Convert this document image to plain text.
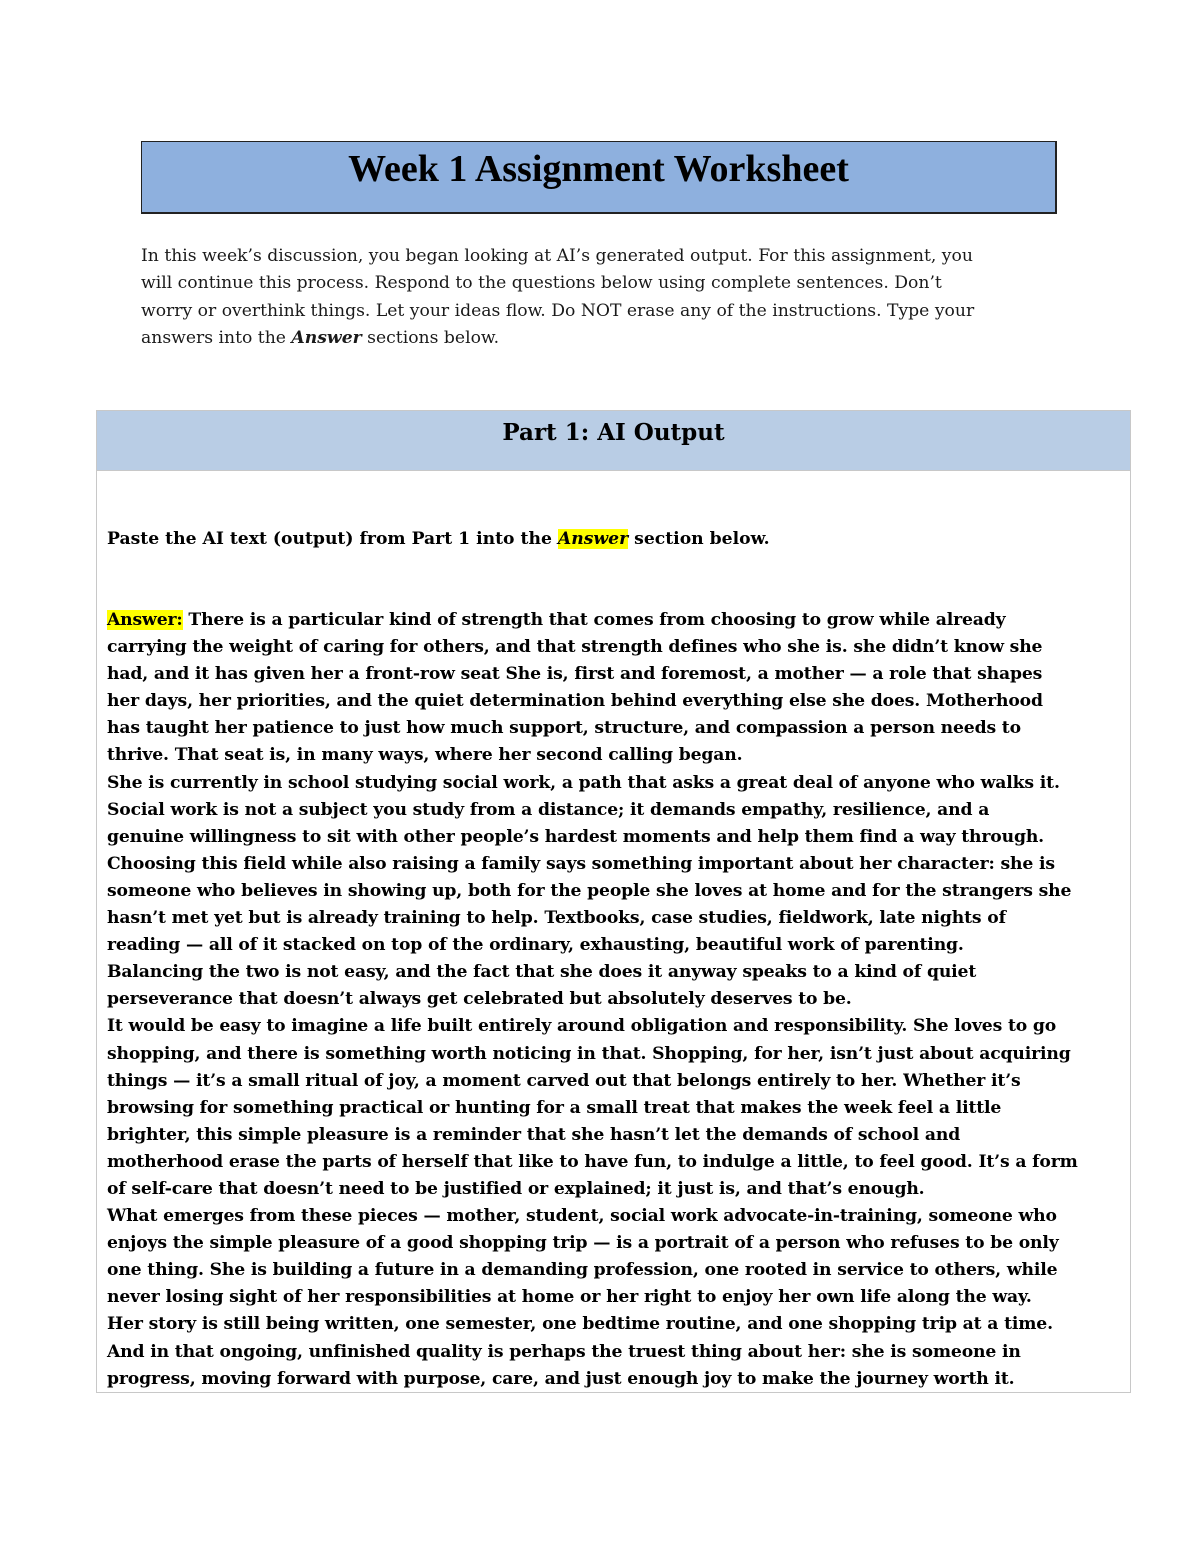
Week 1 Assignment Worksheet
In this week’s discussion, you began looking at AI’s generated output. For this assignment, you
will continue this process. Respond to the questions below using complete sentences. Don’t
worry or overthink things. Let your ideas flow. Do NOT erase any of the instructions. Type your
answers into the Answer sections below.
Part 1: AI Output
Paste the AI text (output) from Part 1 into the Answer section below.
Answer: There is a particular kind of strength that comes from choosing to grow while already
carrying the weight of caring for others, and that strength defines who she is. she didn’t know she
had, and it has given her a front-row seat She is, first and foremost, a mother — a role that shapes
her days, her priorities, and the quiet determination behind everything else she does. Motherhood
has taught her patience to just how much support, structure, and compassion a person needs to
thrive. That seat is, in many ways, where her second calling began.
She is currently in school studying social work, a path that asks a great deal of anyone who walks it.
Social work is not a subject you study from a distance; it demands empathy, resilience, and a
genuine willingness to sit with other people’s hardest moments and help them find a way through.
Choosing this field while also raising a family says something important about her character: she is
someone who believes in showing up, both for the people she loves at home and for the strangers she
hasn’t met yet but is already training to help. Textbooks, case studies, fieldwork, late nights of
reading — all of it stacked on top of the ordinary, exhausting, beautiful work of parenting.
Balancing the two is not easy, and the fact that she does it anyway speaks to a kind of quiet
perseverance that doesn’t always get celebrated but absolutely deserves to be.
It would be easy to imagine a life built entirely around obligation and responsibility. She loves to go
shopping, and there is something worth noticing in that. Shopping, for her, isn’t just about acquiring
things — it’s a small ritual of joy, a moment carved out that belongs entirely to her. Whether it’s
browsing for something practical or hunting for a small treat that makes the week feel a little
brighter, this simple pleasure is a reminder that she hasn’t let the demands of school and
motherhood erase the parts of herself that like to have fun, to indulge a little, to feel good. It’s a form
of self-care that doesn’t need to be justified or explained; it just is, and that’s enough.
What emerges from these pieces — mother, student, social work advocate-in-training, someone who
enjoys the simple pleasure of a good shopping trip — is a portrait of a person who refuses to be only
one thing. She is building a future in a demanding profession, one rooted in service to others, while
never losing sight of her responsibilities at home or her right to enjoy her own life along the way.
Her story is still being written, one semester, one bedtime routine, and one shopping trip at a time.
And in that ongoing, unfinished quality is perhaps the truest thing about her: she is someone in
progress, moving forward with purpose, care, and just enough joy to make the journey worth it.
